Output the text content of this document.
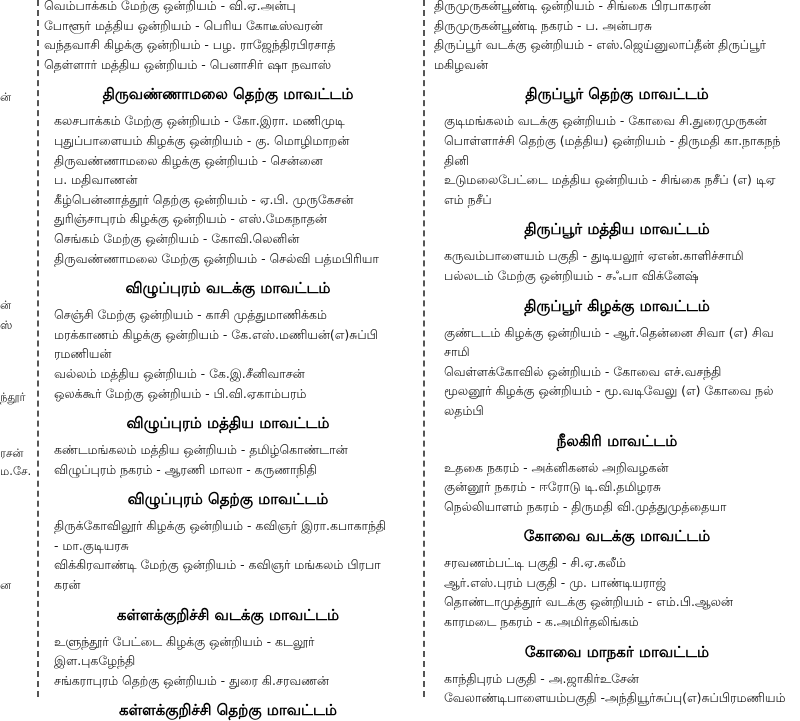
ன்
ன்
ஸ்
ந்தூர்
ரசன்
ம.சே.
ன
வெம்பாக்கம் மேற்கு ஒன்றியம் - வி.ஏ.அன்பு
போளூர் மத்திய ஒன்றியம் - பெரிய கோடீஸ்வரன்
வந்தவாசி கிழக்கு ஒன்றியம் - பழ. ராஜேந்திரபிரசாத்
தெள்ளார் மத்திய ஒன்றியம் - பெனாசிர் ஷா நவாஸ்
திருவண்ணாமலை தெற்கு மாவட்டம்
கலசபாக்கம் மேற்கு ஒன்றியம் - கோ.இரா. மணிமுடி
புதுப்பாளையம் கிழக்கு ஒன்றியம் - கு. மொழிமாறன்
திருவண்ணாமலை கிழக்கு ஒன்றியம் - சென்னை
ப. மதிவாணன்
கீழ்பென்னாத்தூர் தெற்கு ஒன்றியம் - ஏ.பி. முருகேசன்
துரிஞ்சாபுரம் கிழக்கு ஒன்றியம் - எஸ்.மேகநாதன்
செங்கம் மேற்கு ஒன்றியம் - கோவி.லெனின்
திருவண்ணாமலை மேற்கு ஒன்றியம் - செல்வி பத்மபிரியா
விழுப்புரம் வடக்கு மாவட்டம்
செஞ்சி மேற்கு ஒன்றியம் - காசி முத்துமாணிக்கம்
மரக்காணம் கிழக்கு ஒன்றியம் - கே.எஸ்.மணியன்(எ)சுப்பி
ரமணியன்
வல்லம் மத்திய ஒன்றியம் - கே.இ.சீனிவாசன்
ஒலக்கூர் மேற்கு ஒன்றியம் - பி.வி.ஏகாம்பரம்
விழுப்புரம் மத்திய மாவட்டம்
கண்டமங்கலம் மத்திய ஒன்றியம் - தமிழ்கொண்டான்
விழுப்புரம் நகரம் - ஆரணி மாலா - கருணாநிதி
விழுப்புரம் தெற்கு மாவட்டம்
திருக்கோவிலூர் கிழக்கு ஒன்றியம் - கவிஞர் இரா.கபாகாந்தி
- மா.குடியரசு
விக்கிரவாண்டி மேற்கு ஒன்றியம் - கவிஞர் மங்கலம் பிரபா
கரன்
கள்ளக்குறிச்சி வடக்கு மாவட்டம்
உளுந்தூர் பேட்டை கிழக்கு ஒன்றியம் - கடலூர்
இள.புகழேந்தி
சங்கராபுரம் தெற்கு ஒன்றியம் - துரை கி.சரவணன்
கள்ளக்குறிச்சி தெற்கு மாவட்டம்
திருமுருகன்பூண்டி ஒன்றியம் - சிங்கை பிரபாகரன்
திருமுருகன்பூண்டி நகரம் - ப. அன்பரசு
திருப்பூர் வடக்கு ஒன்றியம் - எஸ்.ஜெய்னுலாப்தீன் திருப்பூர்
மகிழவன்
திருப்பூர் தெற்கு மாவட்டம்
குடிமங்கலம் வடக்கு ஒன்றியம் - கோவை சி.துரைமுருகன்
பொள்ளாச்சி தெற்கு (மத்திய) ஒன்றியம் - திருமதி கா.நாகநந்
தினி
உடுமலைபேட்டை மத்திய ஒன்றியம் - சிங்கை நசீப் (எ) டிஏ
எம் நசீப்
திருப்பூர் மத்திய மாவட்டம்
கருவம்பாளையம் பகுதி - துடியலூர் ஏஎன்.காளிச்சாமி
பல்லடம் மேற்கு ஒன்றியம் - சஃபா விக்னேஷ்
திருப்பூர் கிழக்கு மாவட்டம்
குண்டடம் கிழக்கு ஒன்றியம் - ஆர்.தென்னை சிவா (எ) சிவ
சாமி
வெள்ளக்கோவில் ஒன்றியம் - கோவை எச்.வசந்தி
மூலனூர் கிழக்கு ஒன்றியம் - மூ.வடிவேலு (எ) கோவை நல்
லதம்பி
நீலகிரி மாவட்டம்
உதகை நகரம் - அக்னிகனல் அறிவழகன்
குன்னூர் நகரம் - ஈரோடு டி.வி.தமிழரசு
நெல்லியாளம் நகரம் - திருமதி வி.முத்துமுத்தையா
கோவை வடக்கு மாவட்டம்
சரவணம்பட்டி பகுதி - சி.ஏ.கலீம்
ஆர்.எஸ்.புரம் பகுதி - மு. பாண்டியராஜ்
தொண்டாமுத்தூர் வடக்கு ஒன்றியம் - எம்.பி.ஆலன்
காரமடை நகரம் - க.அமிர்தலிங்கம்
கோவை மாநகர் மாவட்டம்
காந்திபுரம் பகுதி - அ.ஜாகிர்உசேன்
வேலாண்டிபாளையம்பகுதி -அந்தியூர்சுப்பு(எ)சுப்பிரமணியம்
